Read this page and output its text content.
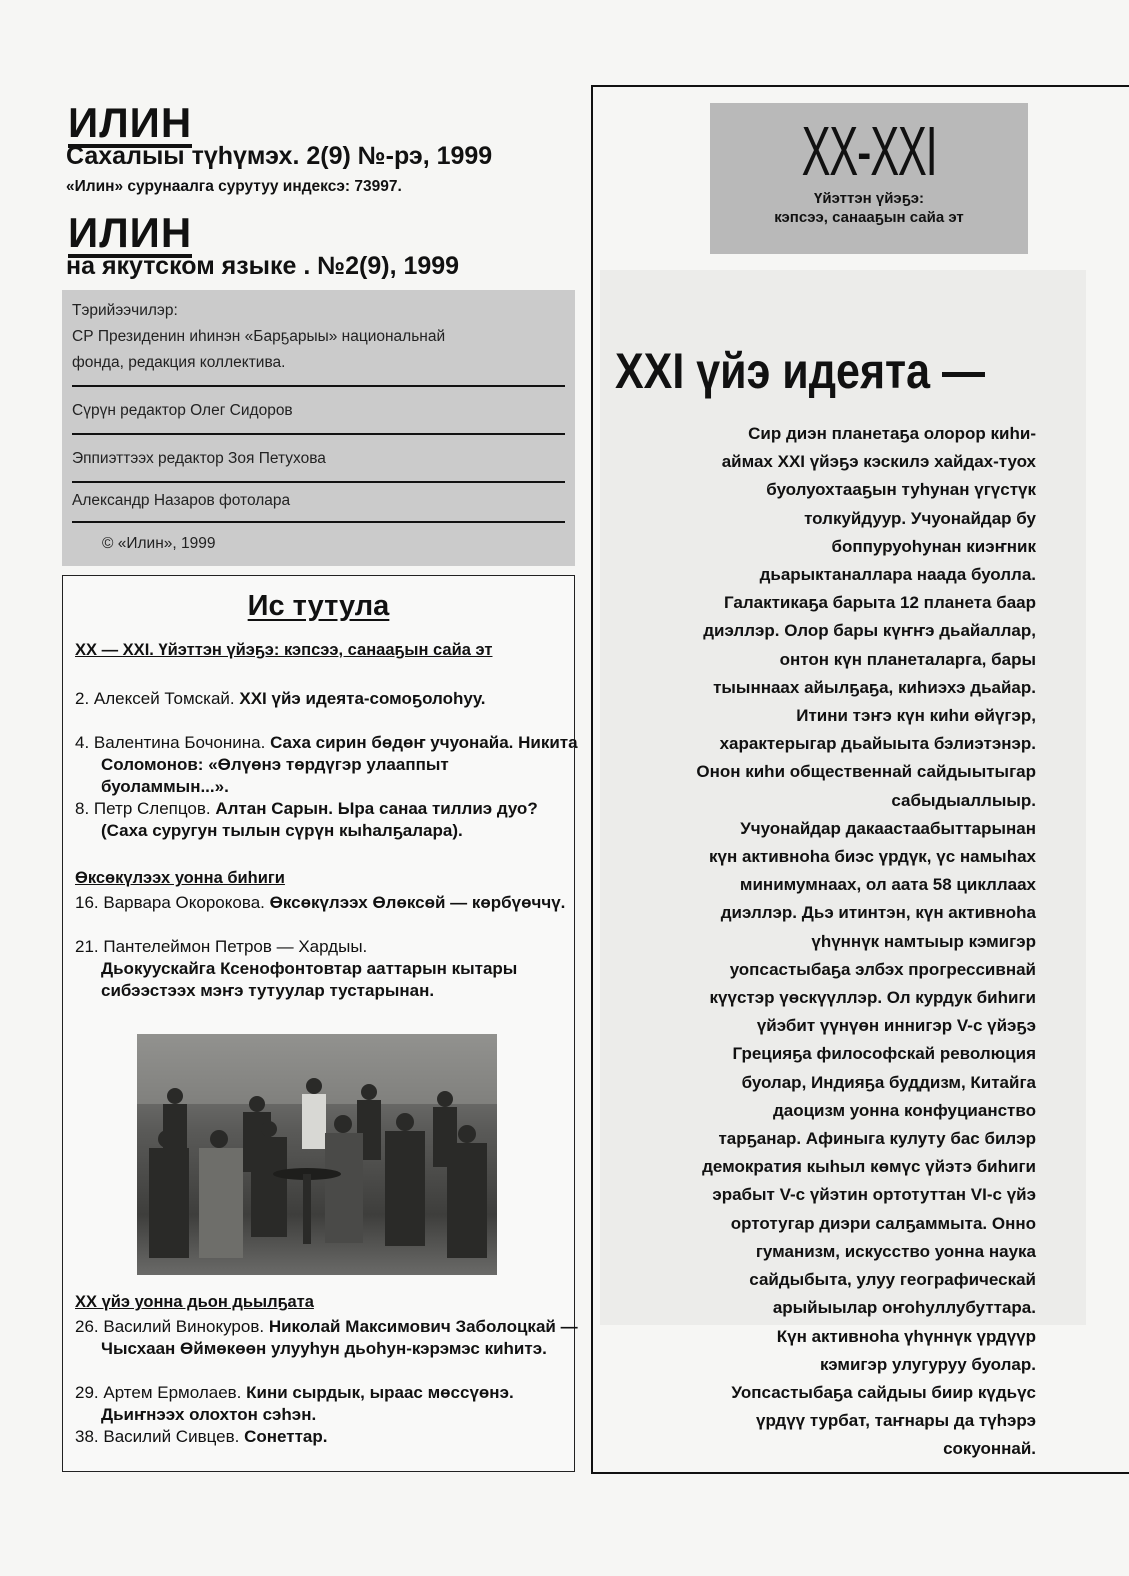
ИЛИН
Сахалыы түһүмэх. 2(9) №-рэ, 1999
«Илин» сурунаалга сурутуу индексэ: 73997.
ИЛИН
на якутском языке . №2(9), 1999
Тэрийээчилэр:
СР Президенин иһинэн «Барҕарыы» национальнай
фонда, редакция коллектива.
Сүрүн редактор Олег Сидоров
Эппиэттээх редактор Зоя Петухова
Александр Назаров фотолара
© «Илин», 1999
Ис тутула
ХХ — ХХI. Үйэттэн үйэҕэ: кэпсээ, санааҕын сайа эт
2. Алексей Томскай. XXI үйэ идеята-сомоҕолоһуу.
4. Валентина Бочонина. Саха сирин бөдөҥ учуонайа. Никита Соломонов: «Өлүөнэ төрдүгэр улааппыт буоламмын...».
8. Петр Слепцов. Алтан Сарын. Ыра санаа тиллиэ дуо? (Саха суругун тылын сүрүн кыһалҕалара).
Өксөкүлээх уонна биһиги
16. Варвара Окорокова. Өксөкүлээх Өлөксөй — көрбүөччү.
21. Пантелеймон Петров — Хардыы.
Дьокуускайга Ксенофонтовтар ааттарын кытары сибээстээх мэҥэ тутуулар тустарынан.
ХХ үйэ уонна дьон дьылҕата
26. Василий Винокуров. Николай Максимович Заболоцкай — Чысхаан Өймөкөөн улууһун дьоһун-кэрэмэс киһитэ.
29. Артем Ермолаев. Кини сырдык, ыраас мөссүөнэ. Дьиҥнээх олохтон сэһэн.
38. Василий Сивцев. Сонеттар.
XX-XXI
Үйэттэн үйэҕэ:
кэпсээ, санааҕын сайа эт
XXI үйэ идеята —
Сир диэн планетаҕа олорор киһи-
аймах XXI үйэҕэ кэскилэ хайдах-туох
буолуохтааҕын туһунан үгүстүк
толкуйдуур. Учуонайдар бу
боппуруоһунан киэҥник
дьарыктаналлара наада буолла.
Галактикаҕа барыта 12 планета баар
диэллэр. Олор бары күҥҥэ дьайаллар,
онтон күн планеталарга, бары
тыыннаах айылҕаҕа, киһиэхэ дьайар.
Итини тэҥэ күн киһи өйүгэр,
характерыгар дьайыыта бэлиэтэнэр.
Онон киһи общественнай сайдыытыгар
сабыдыаллыыр.
Учуонайдар дакаастаабыттарынан
күн активноһа биэс үрдүк, үс намыһах
минимумнаах, ол аата 58 цикллаах
диэллэр. Дьэ итинтэн, күн активноһа
үһүннүк намтыыр кэмигэр
уопсастыбаҕа элбэх прогрессивнай
күүстэр үөскүүллэр. Ол курдук биһиги
үйэбит үүнүөн иннигэр V-с үйэҕэ
Грецияҕа философскай революция
буолар, Индияҕа буддизм, Китайга
даоцизм уонна конфуцианство
тарҕанар. Афиныга кулуту бас билэр
демократия кыһыл көмүс үйэтэ биһиги
эрабыт V-с үйэтин ортотуттан VI-с үйэ
ортотугар диэри салҕаммыта. Онно
гуманизм, искусство уонна наука
сайдыбыта, улуу географическай
арыйыылар оҥоһуллубуттара.
Күн активноһа үһүннүк үрдүүр
кэмигэр улугуруу буолар.
Уопсастыбаҕа сайдыы биир күдьүс
үрдүү турбат, таҥнары да түһэрэ
сокуоннай.
